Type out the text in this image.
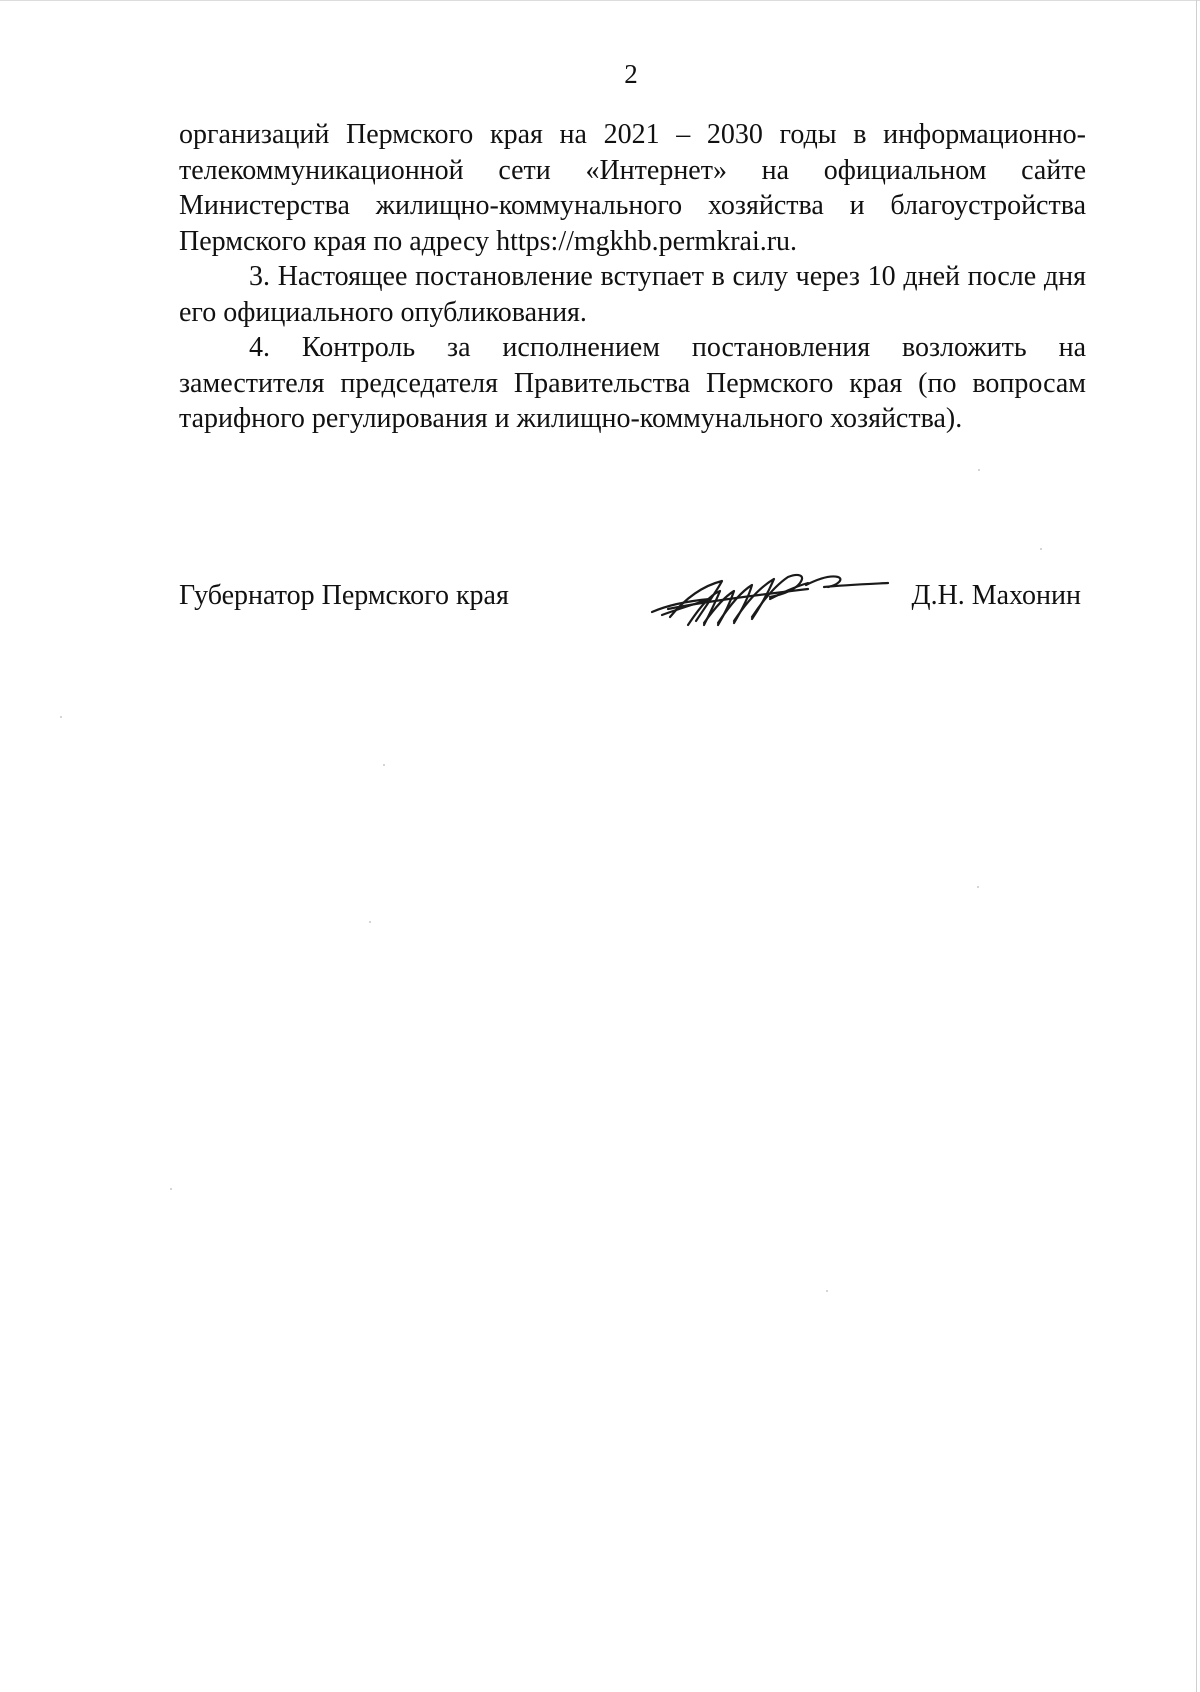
2

организаций Пермского края на 2021 – 2030 годы в информационно-телекоммуникационной сети «Интернет» на официальном сайте Министерства жилищно-коммунального хозяйства и благоустройства Пермского края по адресу https://mgkhb.permkrai.ru.

3. Настоящее постановление вступает в силу через 10 дней после дня его официального опубликования.

4. Контроль за исполнением постановления возложить на заместителя председателя Правительства Пермского края (по вопросам тарифного регулирования и жилищно-коммунального хозяйства).

Губернатор Пермского края	Д.Н. Махонин
